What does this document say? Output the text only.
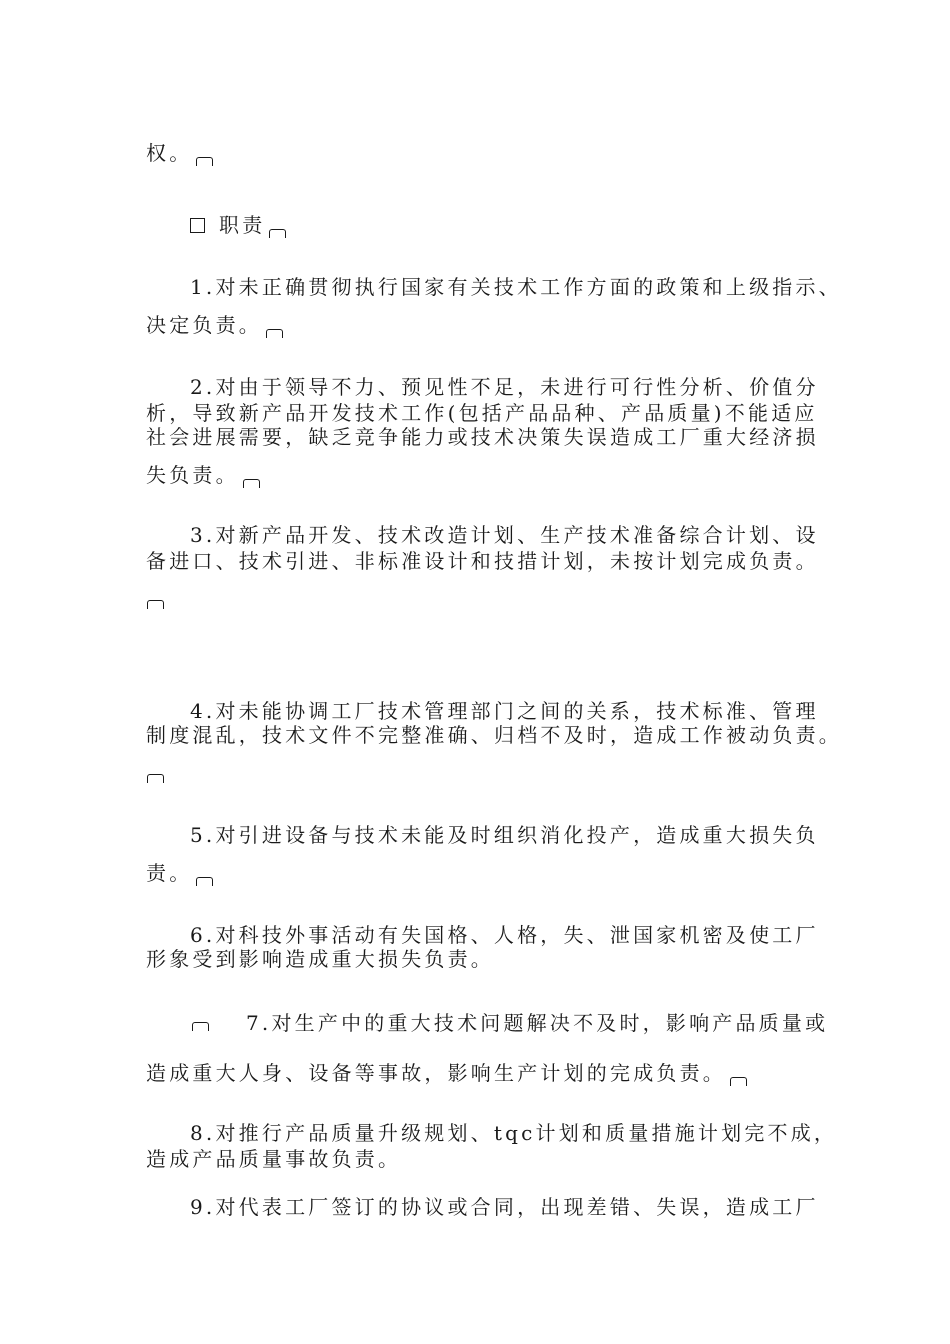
权。
职责
1.对未正确贯彻执行国家有关技术工作方面的政策和上级指示、
决定负责。
2.对由于领导不力、预见性不足，未进行可行性分析、价值分
析，导致新产品开发技术工作(包括产品品种、产品质量)不能适应
社会进展需要，缺乏竞争能力或技术决策失误造成工厂重大经济损
失负责。
3.对新产品开发、技术改造计划、生产技术准备综合计划、设
备进口、技术引进、非标准设计和技措计划，未按计划完成负责。
4.对未能协调工厂技术管理部门之间的关系，技术标准、管理
制度混乱，技术文件不完整准确、归档不及时，造成工作被动负责。
5.对引进设备与技术未能及时组织消化投产，造成重大损失负
责。
6.对科技外事活动有失国格、人格，失、泄国家机密及使工厂
形象受到影响造成重大损失负责。
7.对生产中的重大技术问题解决不及时，影响产品质量或
造成重大人身、设备等事故，影响生产计划的完成负责。
8.对推行产品质量升级规划、tqc计划和质量措施计划完不成，
造成产品质量事故负责。
9.对代表工厂签订的协议或合同，出现差错、失误，造成工厂
